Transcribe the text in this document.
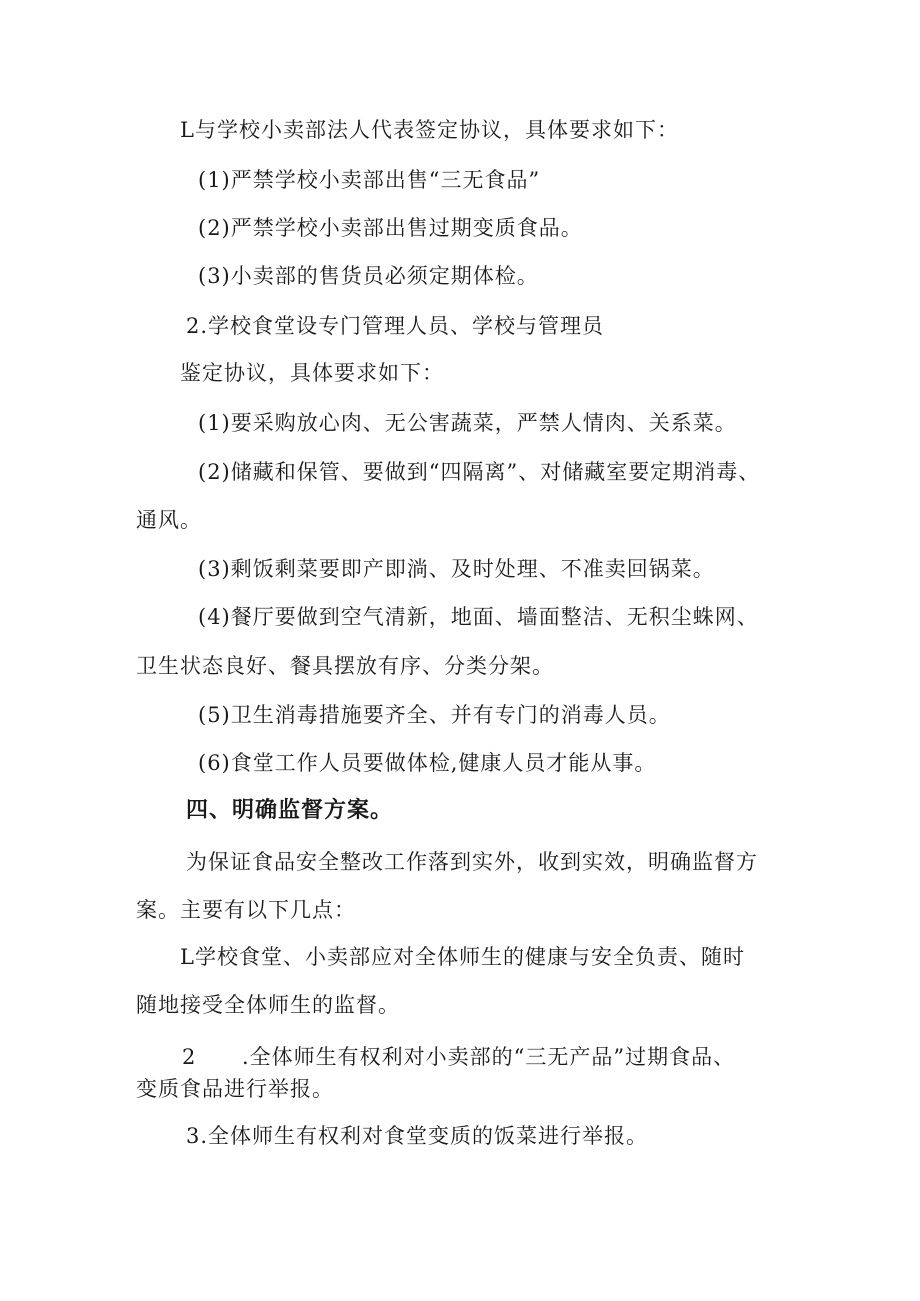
L与学校小卖部法人代表签定协议，具体要求如下：
(1)严禁学校小卖部出售“三无食品”
(2)严禁学校小卖部出售过期变质食品。
(3)小卖部的售货员必须定期体检。
2.学校食堂设专门管理人员、学校与管理员
鉴定协议，具体要求如下：
(1)要采购放心肉、无公害蔬菜，严禁人情肉、关系菜。
(2)储藏和保管、要做到“四隔离”、对储藏室要定期消毒、
通风。
(3)剩饭剩菜要即产即淌、及时处理、不准卖回锅菜。
(4)餐厅要做到空气清新，地面、墙面整洁、无积尘蛛网、
卫生状态良好、餐具摆放有序、分类分架。
(5)卫生消毒措施要齐全、并有专门的消毒人员。
(6)食堂工作人员要做体检,健康人员才能从事。
四、明确监督方案。
为保证食品安全整改工作落到实外，收到实效，明确监督方
案。主要有以下几点：
L学校食堂、小卖部应对全体师生的健康与安全负责、随时
随地接受全体师生的监督。
2 .全体师生有权利对小卖部的“三无产品”过期食品、
变质食品进行举报。
3.全体师生有权利对食堂变质的饭菜进行举报。
